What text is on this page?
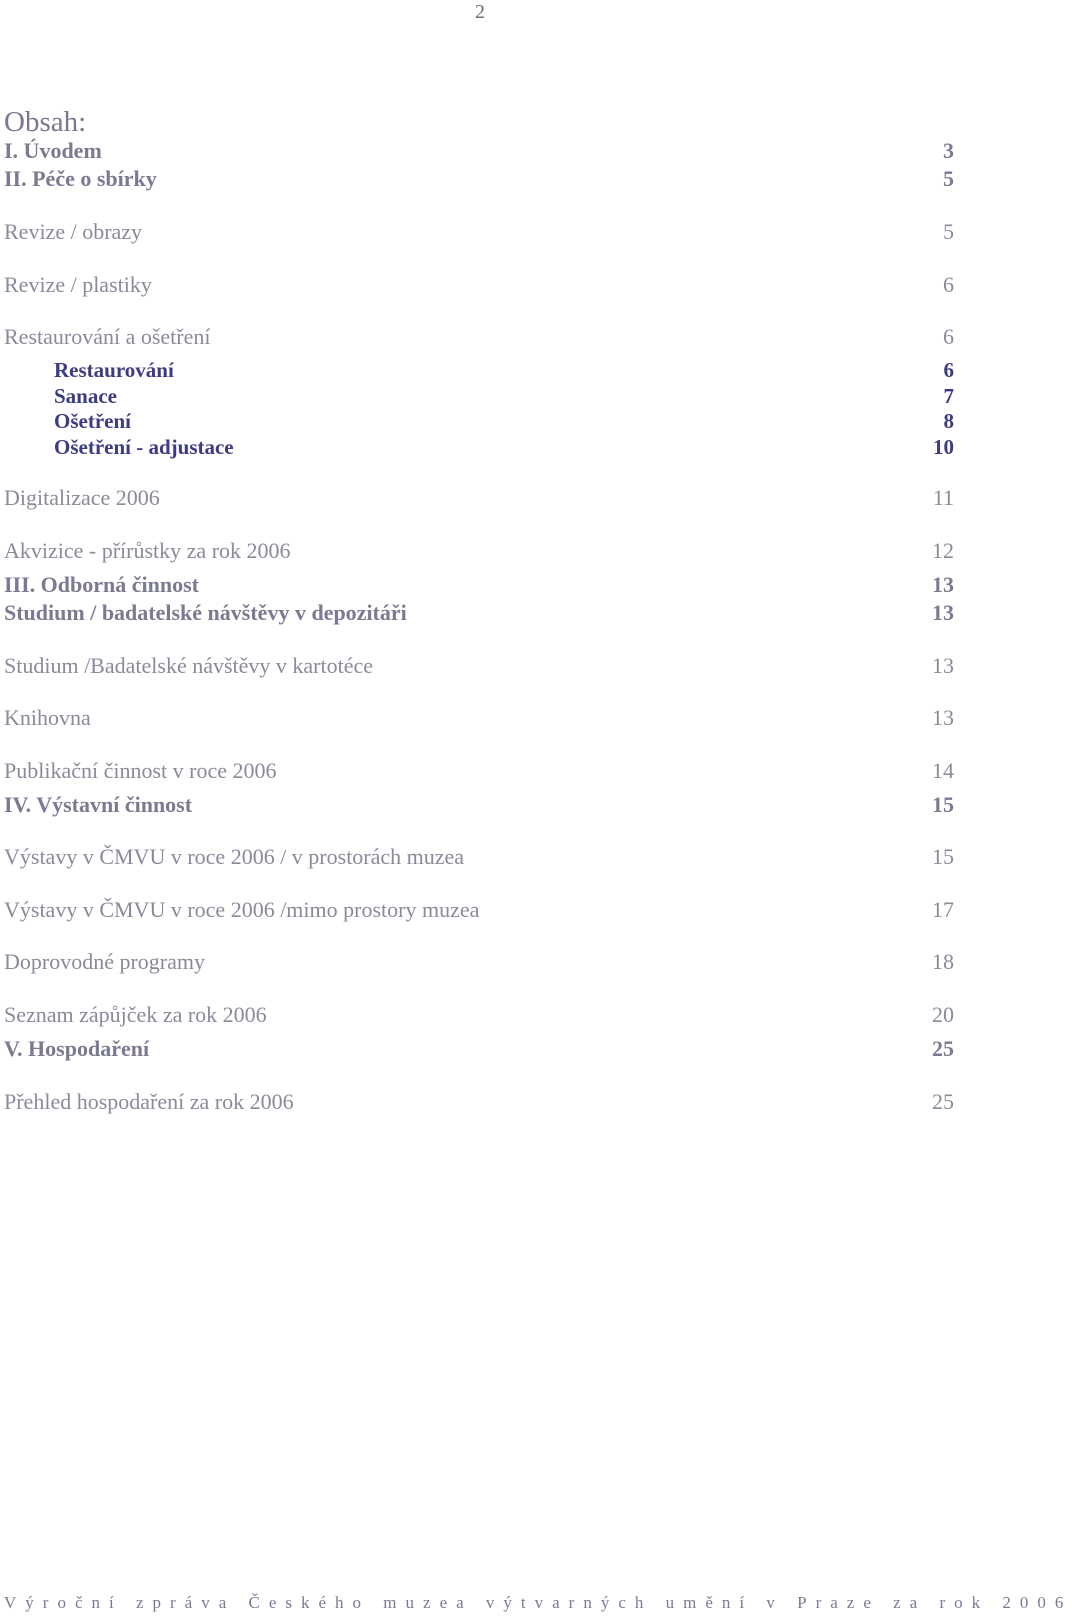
2
Obsah:
I. Úvodem	3
II. Péče o sbírky	5
Revize / obrazy	5
Revize / plastiky	6
Restaurování a ošetření	6
Restaurování	6
Sanace	7
Ošetření	8
Ošetření - adjustace	10
Digitalizace 2006	11
Akvizice - přírůstky za rok 2006	12
III. Odborná činnost	13
Studium / badatelské návštěvy v depozitáři	13
Studium /Badatelské návštěvy v kartotéce	13
Knihovna	13
Publikační činnost v roce 2006	14
IV. Výstavní činnost	15
Výstavy v ČMVU v roce 2006 / v prostorách muzea	15
Výstavy v ČMVU v roce 2006 /mimo prostory muzea	17
Doprovodné programy	18
Seznam zápůjček za rok 2006	20
V. Hospodaření	25
Přehled hospodaření za rok 2006	25
Výroční zpráva Českého muzea výtvarných umění v Praze za rok 2006
